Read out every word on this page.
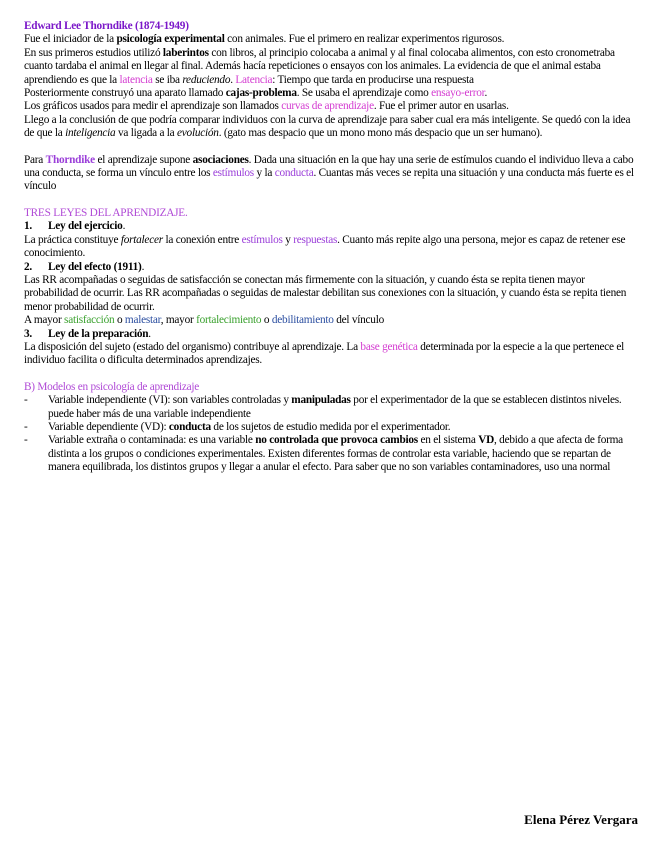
Edward Lee Thorndike (1874-1949)

Fue el iniciador de la psicología experimental con animales. Fue el primero en realizar experimentos rigurosos.

En sus primeros estudios utilizó laberintos con libros, al principio colocaba a animal y al final colocaba alimentos, con esto cronometraba cuanto tardaba el animal en llegar al final. Además hacía repeticiones o ensayos con los animales. La evidencia de que el animal estaba aprendiendo es que la latencia se iba reduciendo. Latencia: Tiempo que tarda en producirse una respuesta

Posteriormente construyó una aparato llamado cajas-problema. Se usaba el aprendizaje como ensayo-error.

Los gráficos usados para medir el aprendizaje son llamados curvas de aprendizaje. Fue el primer autor en usarlas.

Llego a la conclusión de que podría comparar individuos con la curva de aprendizaje para saber cual era más inteligente. Se quedó con la idea de que la inteligencia va ligada a la evolución. (gato mas despacio que un mono mono más despacio que un ser humano).

Para Thorndike el aprendizaje supone asociaciones. Dada una situación en la que hay una serie de estímulos cuando el individuo lleva a cabo una conducta, se forma un vínculo entre los estímulos y la conducta. Cuantas más veces se repita una situación y una conducta más fuerte es el vínculo

TRES LEYES DEL APRENDIZAJE.

1.	Ley del ejercicio.

La práctica constituye fortalecer la conexión entre estímulos y respuestas. Cuanto más repite algo una persona, mejor es capaz de retener ese conocimiento.

2.	Ley del efecto (1911).

Las RR acompañadas o seguidas de satisfacción se conectan más firmemente con la situación, y cuando ésta se repita tienen mayor probabilidad de ocurrir. Las RR acompañadas o seguidas de malestar debilitan sus conexiones con la situación, y cuando ésta se repita tienen menor probabilidad de ocurrir.

A mayor satisfacción o malestar, mayor fortalecimiento o debilitamiento del vínculo

3.	Ley de la preparación.

La disposición del sujeto (estado del organismo) contribuye al aprendizaje. La base genética determinada por la especie a la que pertenece el individuo facilita o dificulta determinados aprendizajes.

B) Modelos en psicología de aprendizaje

-	Variable independiente (VI): son variables controladas y manipuladas por el experimentador de la que se establecen distintos niveles. puede haber más de una variable independiente
-	Variable dependiente (VD): conducta de los sujetos de estudio medida por el experimentador.
-	Variable extraña o contaminada: es una variable no controlada que provoca cambios en el sistema VD, debido a que afecta de forma distinta a los grupos o condiciones experimentales. Existen diferentes formas de controlar esta variable, haciendo que se repartan de manera equilibrada, los distintos grupos y llegar a anular el efecto. Para saber que no son variables contaminadores, uso una normal
Elena Pérez Vergara
